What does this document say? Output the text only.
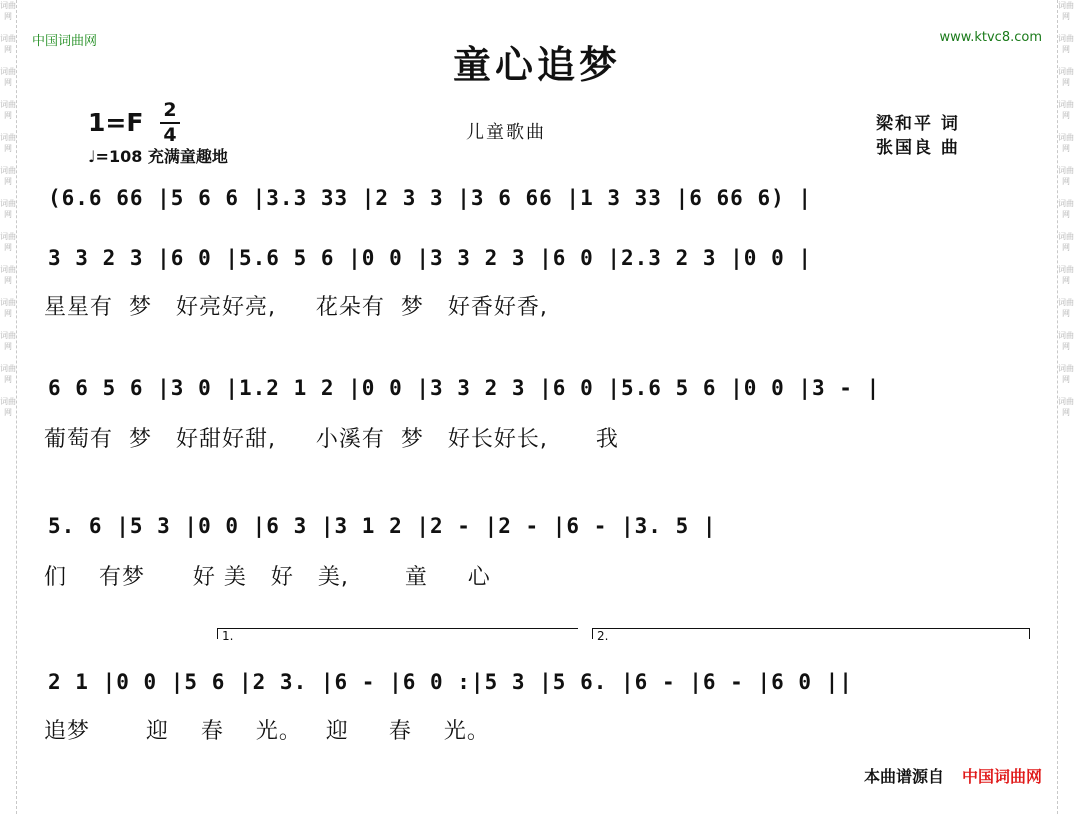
词曲网

词曲网

词曲网

词曲网

词曲网

词曲网

词曲网

词曲网

词曲网

词曲网

词曲网

词曲网

词曲网
词曲网

词曲网

词曲网

词曲网

词曲网

词曲网

词曲网

词曲网

词曲网

词曲网

词曲网

词曲网

词曲网
中国词曲网	www.ktvc8.com
童心追梦
1=F 2
4
♩=108 充满童趣地
儿童歌曲	梁和平 词
张国良 曲
(6.6 66 |5 6 6 |3.3 33 |2 3 3 |3 6 66 |1 3 33 |6 66 6) |
3 3 2 3 |6 0 |5.6 5 6 |0 0 |3 3 2 3 |6 0 |2.3 2 3 |0 0 |
星星有  梦   好亮好亮,     花朵有  梦   好香好香,
6 6 5 6 |3 0 |1.2 1 2 |0 0 |3 3 2 3 |6 0 |5.6 5 6 |0 0 |3 - |
葡萄有  梦   好甜好甜,     小溪有  梦   好长好长,      我
5. 6 |5 3 |0 0 |6 3 |3 1 2 |2 - |2 - |6 - |3. 5 |
们    有梦      好 美   好   美,       童     心
1.	2.
2 1 |0 0 |5 6 |2 3. |6 - |6 0 :|5 3 |5 6. |6 - |6 - |6 0 ||
追梦       迎    春    光。   迎     春    光。
本曲谱源自 中国词曲网
